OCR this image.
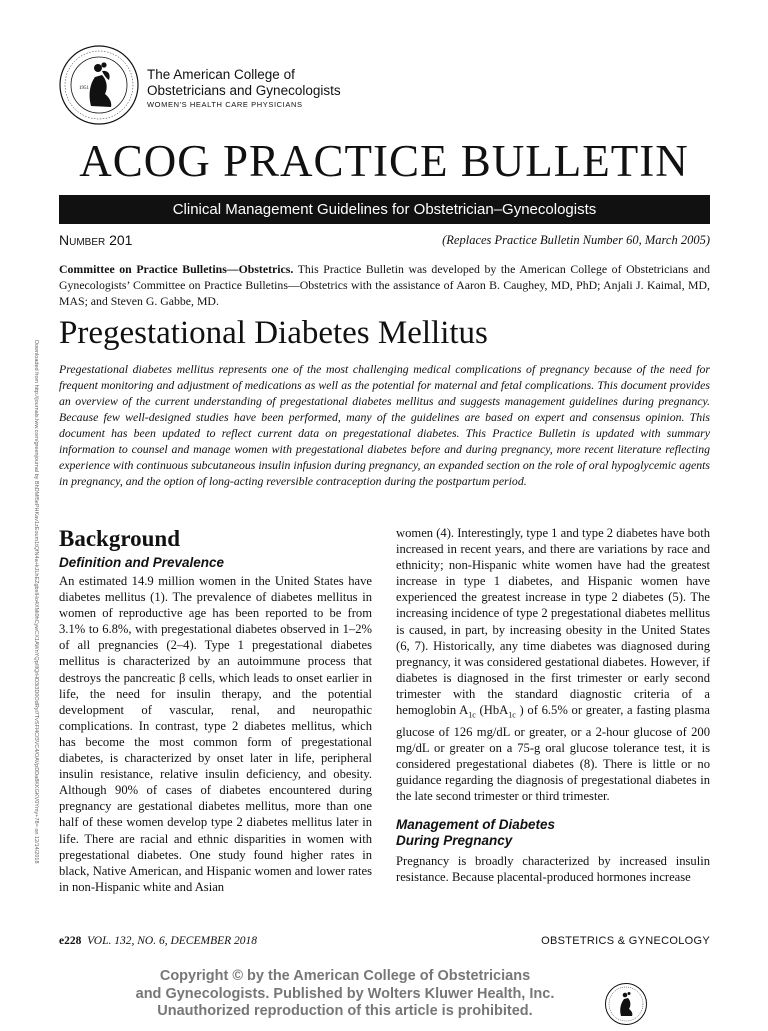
1951
The American College of
Obstetricians and Gynecologists
WOMEN'S HEALTH CARE PHYSICIANS
ACOG PRACTICE BULLETIN
Clinical Management Guidelines for Obstetrician–Gynecologists
Number 201	(Replaces Practice Bulletin Number 60, March 2005)
Committee on Practice Bulletins—Obstetrics. This Practice Bulletin was developed by the American College of Obstetricians and Gynecologists’ Committee on Practice Bulletins—Obstetrics with the assistance of Aaron B. Caughey, MD, PhD; Anjali J. Kaimal, MD, MAS; and Steven G. Gabbe, MD.
Downloaded from http://journals.lww.com/greenjournal by BhDMf5ePHKav1zEoum1tQfN4a+kJLhEZgbsIHo4XMi0hCywCX1AWnYQp/IlQrHD3i3D0OdRyi7TvSFl4Cf3VC4/OAVpDDa8KKGKV0Ymy+78= on 12/14/2018
Pregestational Diabetes Mellitus
Pregestational diabetes mellitus represents one of the most challenging medical complications of pregnancy because of the need for frequent monitoring and adjustment of medications as well as the potential for maternal and fetal complications. This document provides an overview of the current understanding of pregestational diabetes mellitus and suggests management guidelines during pregnancy. Because few well-designed studies have been performed, many of the guidelines are based on expert and consensus opinion. This document has been updated to reflect current data on pregestational diabetes. This Practice Bulletin is updated with summary information to counsel and manage women with pregestational diabetes before and during pregnancy, more recent literature reflecting experience with continuous subcutaneous insulin infusion during pregnancy, an expanded section on the role of oral hypoglycemic agents in pregnancy, and the option of long-acting reversible contraception during the postpartum period.
Background
Definition and Prevalence
An estimated 14.9 million women in the United States have diabetes mellitus (1). The prevalence of diabetes mellitus in women of reproductive age has been reported to be from 3.1% to 6.8%, with pregestational diabetes observed in 1–2% of all pregnancies (2–4). Type 1 pregestational diabetes mellitus is characterized by an autoimmune process that destroys the pancreatic β cells, which leads to onset earlier in life, the need for insulin therapy, and the potential development of vascular, renal, and neuropathic complications. In contrast, type 2 diabetes mellitus, which has become the most common form of pregestational diabetes, is characterized by onset later in life, peripheral insulin resistance, relative insulin deficiency, and obesity. Although 90% of cases of diabetes encountered during pregnancy are gestational diabetes mellitus, more than one half of these women develop type 2 diabetes mellitus later in life. There are racial and ethnic disparities in women with pregestational diabetes. One study found higher rates in black, Native American, and Hispanic women and lower rates in non-Hispanic white and Asian
women (4). Interestingly, type 1 and type 2 diabetes have both increased in recent years, and there are variations by race and ethnicity; non-Hispanic white women have had the greatest increase in type 1 diabetes, and Hispanic women have experienced the greatest increase in type 2 diabetes (5). The increasing incidence of type 2 pregestational diabetes mellitus is caused, in part, by increasing obesity in the United States (6, 7). Historically, any time diabetes was diagnosed during pregnancy, it was considered gestational diabetes. However, if diabetes is diagnosed in the first trimester or early second trimester with the standard diagnostic criteria of a hemoglobin $A_{1c}$ (HbA$_{1c}$ ) of 6.5% or greater, a fasting plasma glucose of 126 mg/dL or greater, or a 2-hour glucose of 200 mg/dL or greater on a 75-g oral glucose tolerance test, it is considered pregestational diabetes (8). There is little or no guidance regarding the diagnosis of pregestational diabetes in the late second trimester or third trimester.
Management of Diabetes
During Pregnancy
Pregnancy is broadly characterized by increased insulin resistance. Because placental-produced hormones increase
e228 VOL. 132, NO. 6, DECEMBER 2018	OBSTETRICS & GYNECOLOGY
Copyright © by the American College of Obstetricians
and Gynecologists. Published by Wolters Kluwer Health, Inc.
Unauthorized reproduction of this article is prohibited.
